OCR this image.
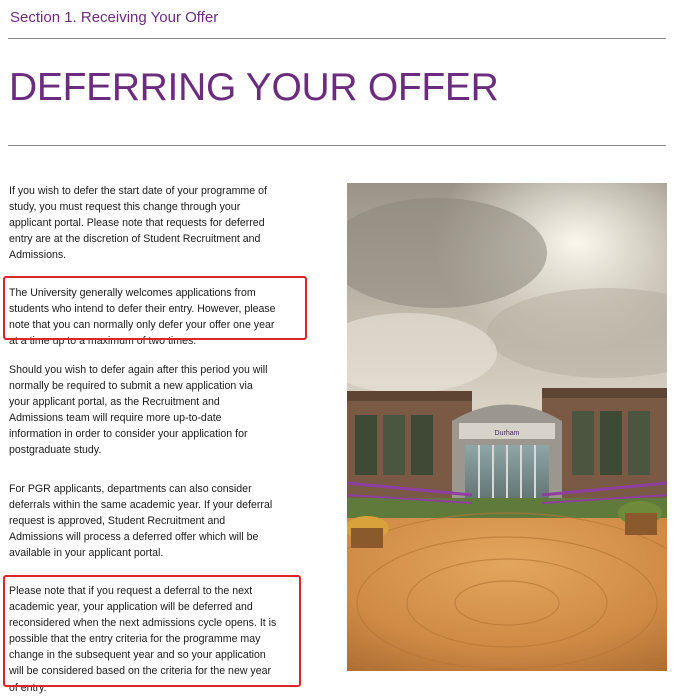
Section 1. Receiving Your Offer
DEFERRING YOUR OFFER

If you wish to defer the start date of your programme of
study, you must request this change through your
applicant portal. Please note that requests for deferred
entry are at the discretion of Student Recruitment and
Admissions.

The University generally welcomes applications from
students who intend to defer their entry. However, please
note that you can normally only defer your offer one year
at a time up to a maximum of two times.

Should you wish to defer again after this period you will
normally be required to submit a new application via
your applicant portal, as the Recruitment and
Admissions team will require more up-to-date
information in order to consider your application for
postgraduate study.

For PGR applicants, departments can also consider
deferrals within the same academic year. If your deferral
request is approved, Student Recruitment and
Admissions will process a deferred offer which will be
available in your applicant portal.

Please note that if you request a deferral to the next
academic year, your application will be deferred and
reconsidered when the next admissions cycle opens. It is
possible that the entry criteria for the programme may
change in the subsequent year and so your application
will be considered based on the criteria for the new year
of entry.

Durham
